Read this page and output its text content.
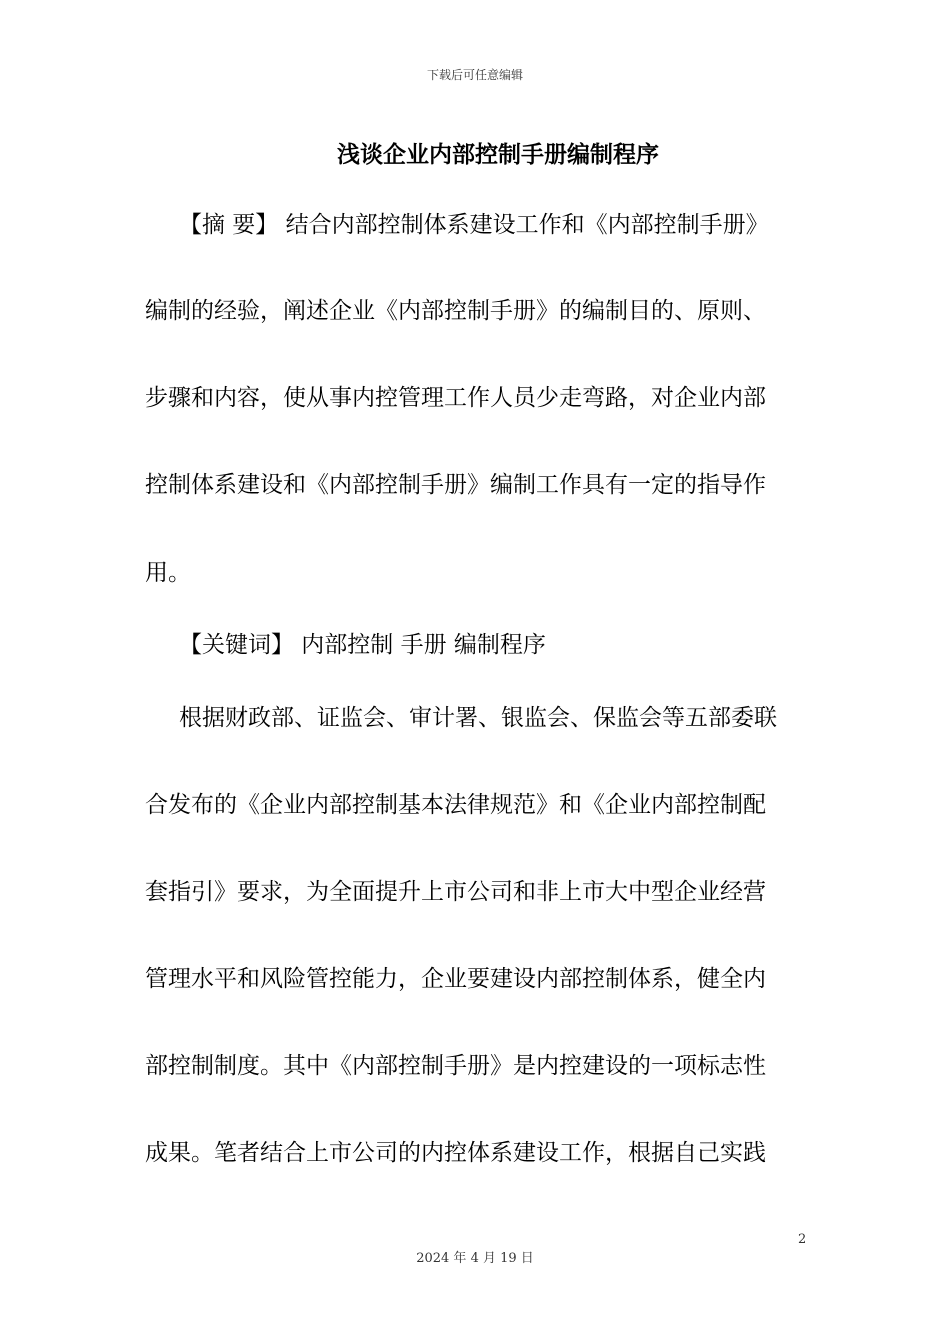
下载后可任意编辑
浅谈企业内部控制手册编制程序
【摘 要】 结合内部控制体系建设工作和《内部控制手册》
编制的经验，阐述企业《内部控制手册》的编制目的、原则、
步骤和内容，使从事内控管理工作人员少走弯路，对企业内部
控制体系建设和《内部控制手册》编制工作具有一定的指导作
用。
【关键词】 内部控制 手册 编制程序
根据财政部、证监会、审计署、银监会、保监会等五部委联
合发布的《企业内部控制基本法律规范》和《企业内部控制配
套指引》要求，为全面提升上市公司和非上市大中型企业经营
管理水平和风险管控能力，企业要建设内部控制体系，健全内
部控制制度。其中《内部控制手册》是内控建设的一项标志性
成果。笔者结合上市公司的内控体系建设工作，根据自己实践
2
2024 年 4 月 19 日
